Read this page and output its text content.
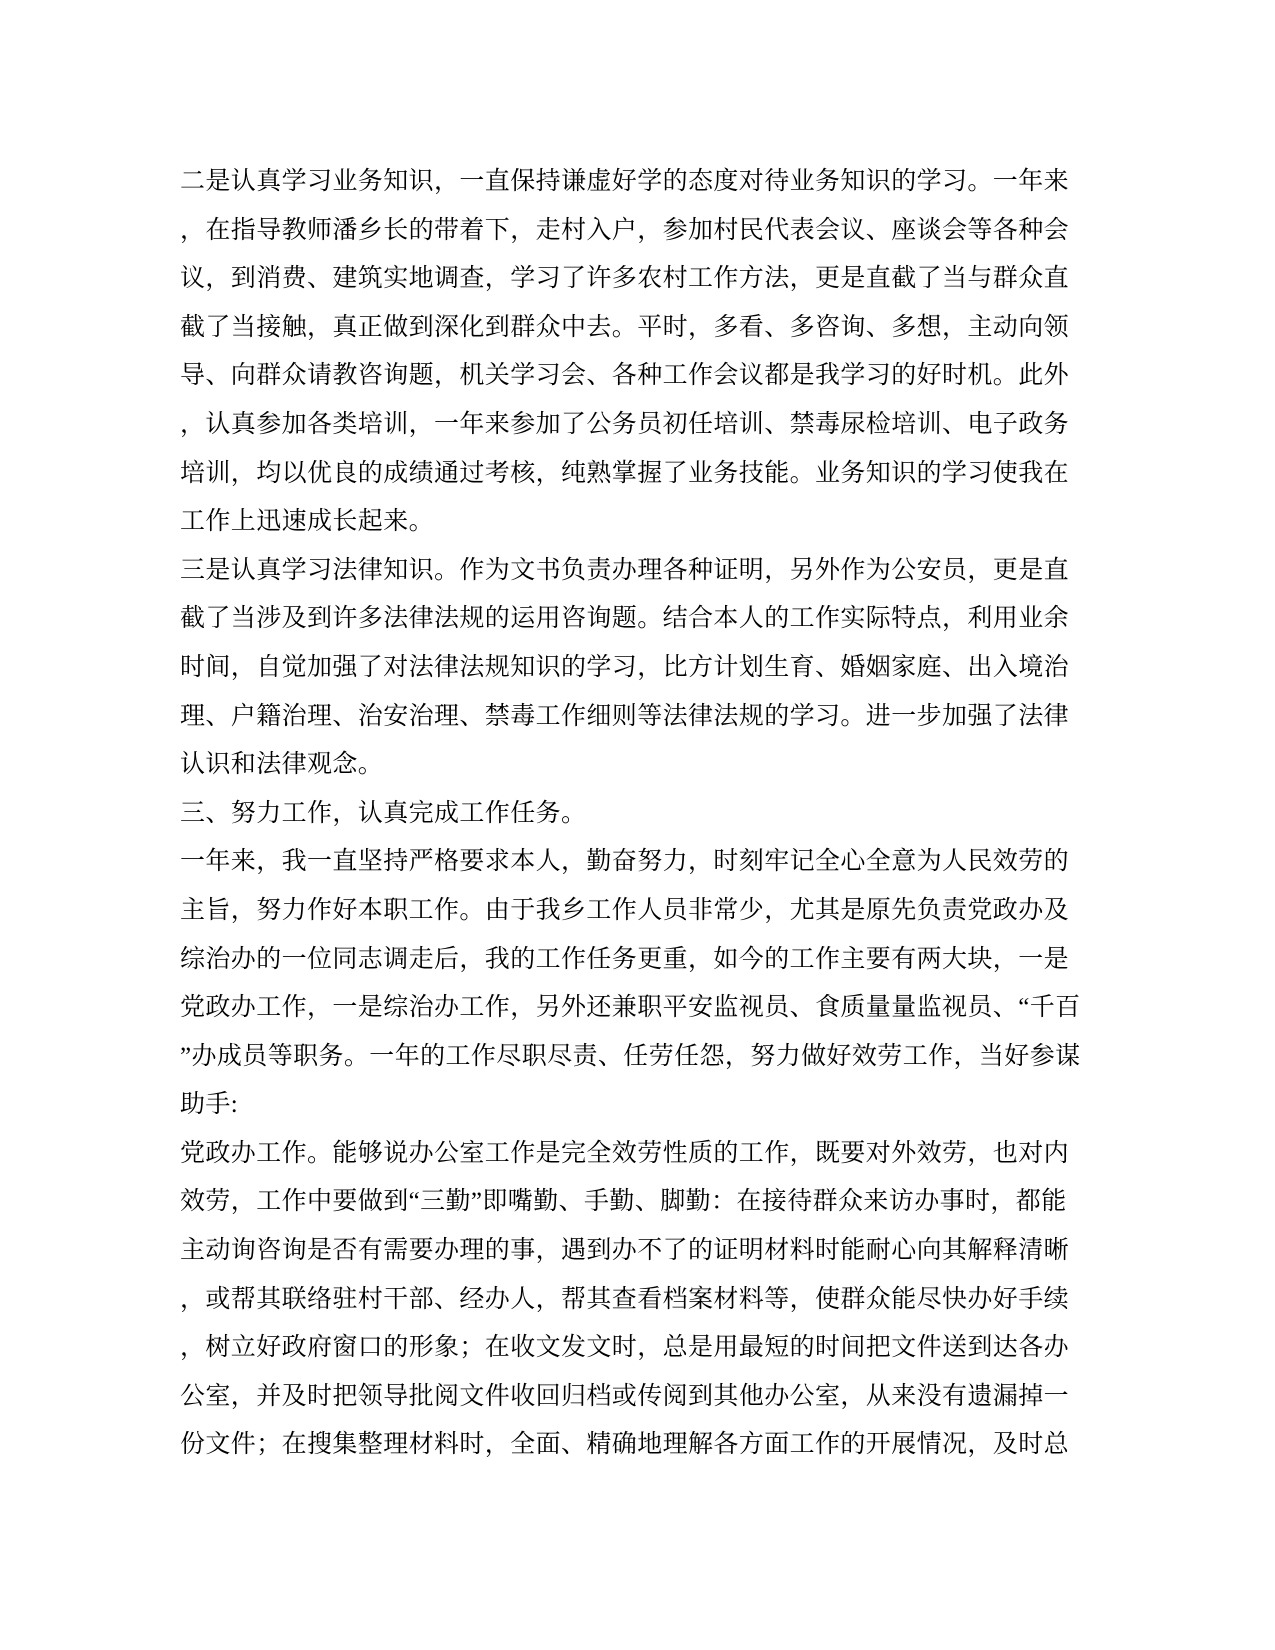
二是认真学习业务知识，一直保持谦虚好学的态度对待业务知识的学习。一年来
，在指导教师潘乡长的带着下，走村入户，参加村民代表会议、座谈会等各种会
议，到消费、建筑实地调查，学习了许多农村工作方法，更是直截了当与群众直
截了当接触，真正做到深化到群众中去。平时，多看、多咨询、多想，主动向领
导、向群众请教咨询题，机关学习会、各种工作会议都是我学习的好时机。此外
，认真参加各类培训，一年来参加了公务员初任培训、禁毒尿检培训、电子政务
培训，均以优良的成绩通过考核，纯熟掌握了业务技能。业务知识的学习使我在
工作上迅速成长起来。
三是认真学习法律知识。作为文书负责办理各种证明，另外作为公安员，更是直
截了当涉及到许多法律法规的运用咨询题。结合本人的工作实际特点，利用业余
时间，自觉加强了对法律法规知识的学习，比方计划生育、婚姻家庭、出入境治
理、户籍治理、治安治理、禁毒工作细则等法律法规的学习。进一步加强了法律
认识和法律观念。
三、努力工作，认真完成工作任务。
一年来，我一直坚持严格要求本人，勤奋努力，时刻牢记全心全意为人民效劳的
主旨，努力作好本职工作。由于我乡工作人员非常少，尤其是原先负责党政办及
综治办的一位同志调走后，我的工作任务更重，如今的工作主要有两大块，一是
党政办工作，一是综治办工作，另外还兼职平安监视员、食质量量监视员、“千百
”办成员等职务。一年的工作尽职尽责、任劳任怨，努力做好效劳工作，当好参谋
助手:
党政办工作。能够说办公室工作是完全效劳性质的工作，既要对外效劳，也对内
效劳，工作中要做到“三勤”即嘴勤、手勤、脚勤：在接待群众来访办事时，都能
主动询咨询是否有需要办理的事，遇到办不了的证明材料时能耐心向其解释清晰
，或帮其联络驻村干部、经办人，帮其查看档案材料等，使群众能尽快办好手续
，树立好政府窗口的形象；在收文发文时，总是用最短的时间把文件送到达各办
公室，并及时把领导批阅文件收回归档或传阅到其他办公室，从来没有遗漏掉一
份文件；在搜集整理材料时，全面、精确地理解各方面工作的开展情况，及时总
